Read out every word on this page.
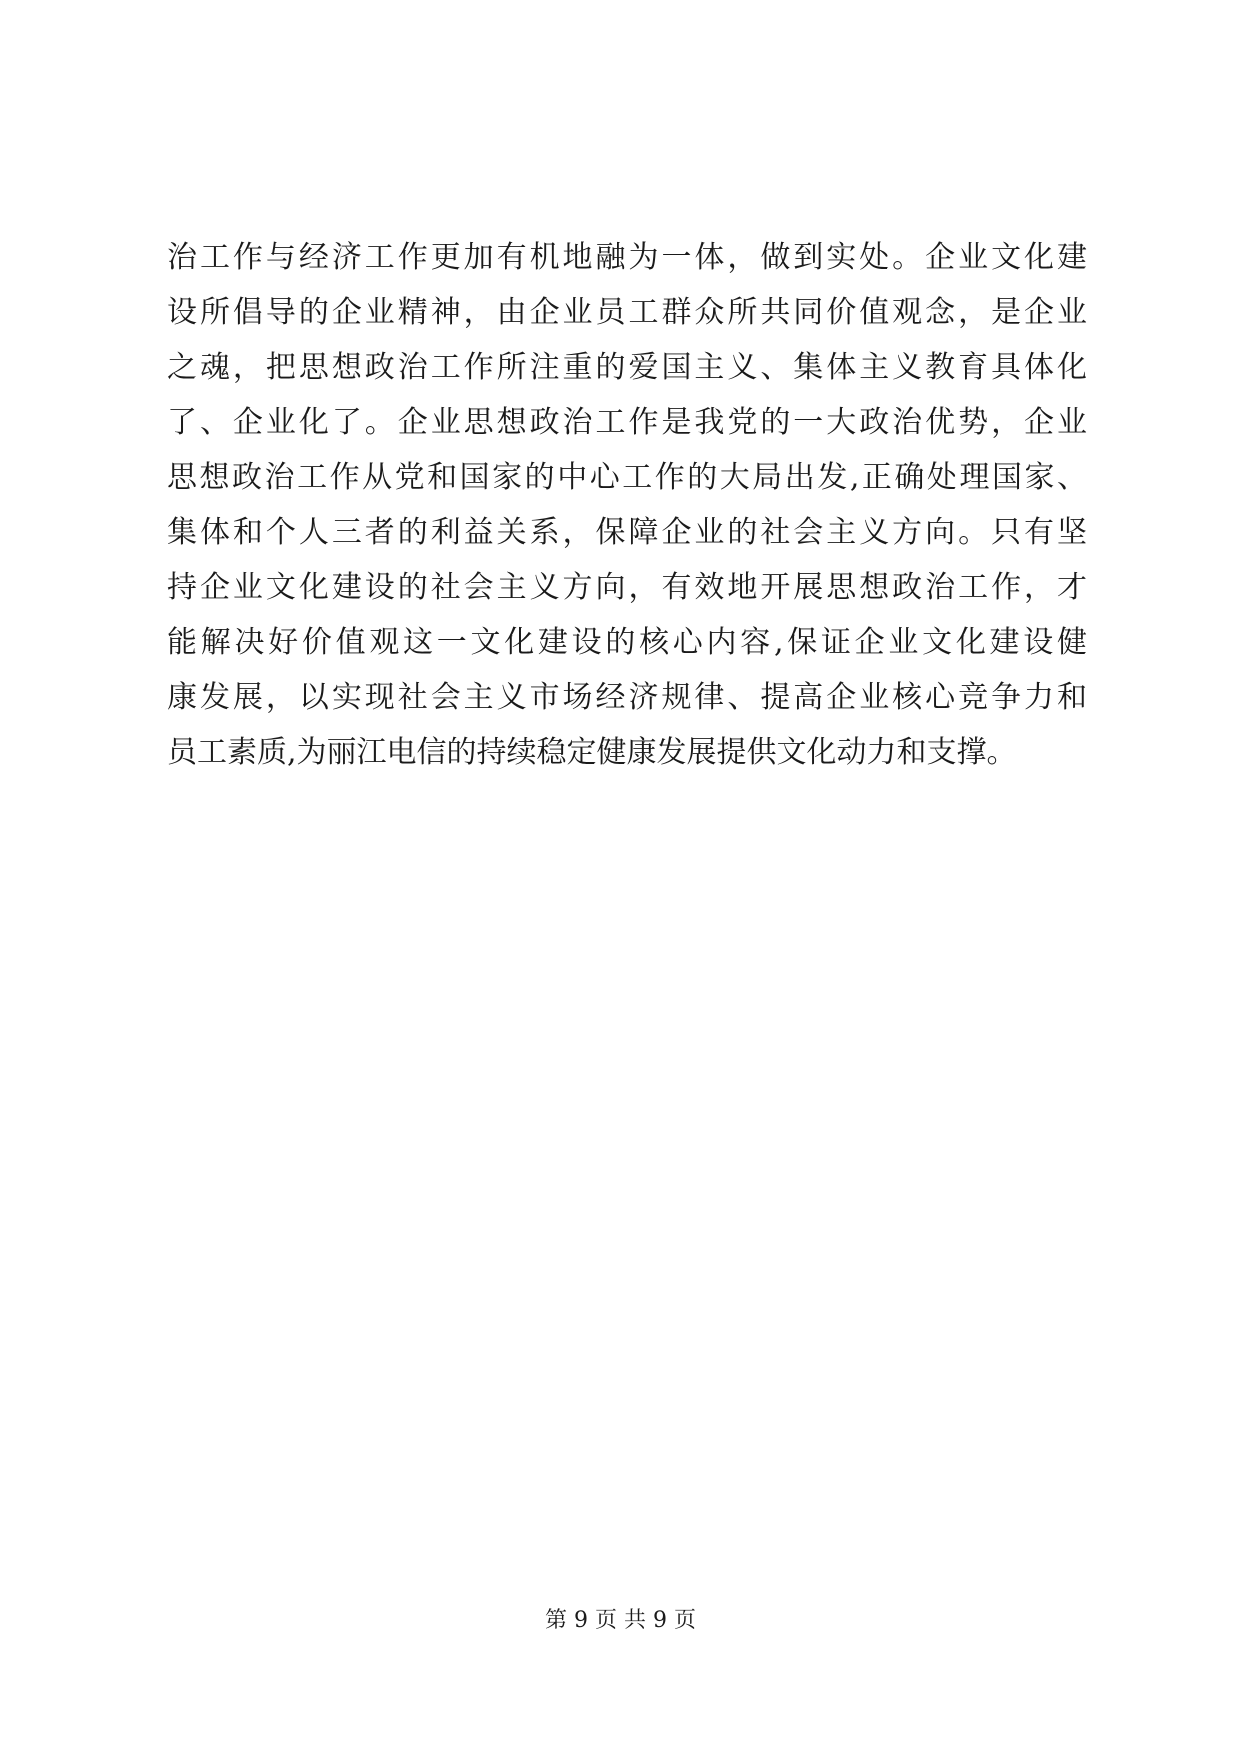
治工作与经济工作更加有机地融为一体，做到实处。企业文化建
设所倡导的企业精神，由企业员工群众所共同价值观念，是企业
之魂，把思想政治工作所注重的爱国主义、集体主义教育具体化
了、企业化了。企业思想政治工作是我党的一大政治优势，企业
思想政治工作从党和国家的中心工作的大局出发,正确处理国家、
集体和个人三者的利益关系，保障企业的社会主义方向。只有坚
持企业文化建设的社会主义方向，有效地开展思想政治工作，才
能解决好价值观这一文化建设的核心内容,保证企业文化建设健
康发展，以实现社会主义市场经济规律、提高企业核心竞争力和
员工素质,为丽江电信的持续稳定健康发展提供文化动力和支撑。
第 9 页 共 9 页
